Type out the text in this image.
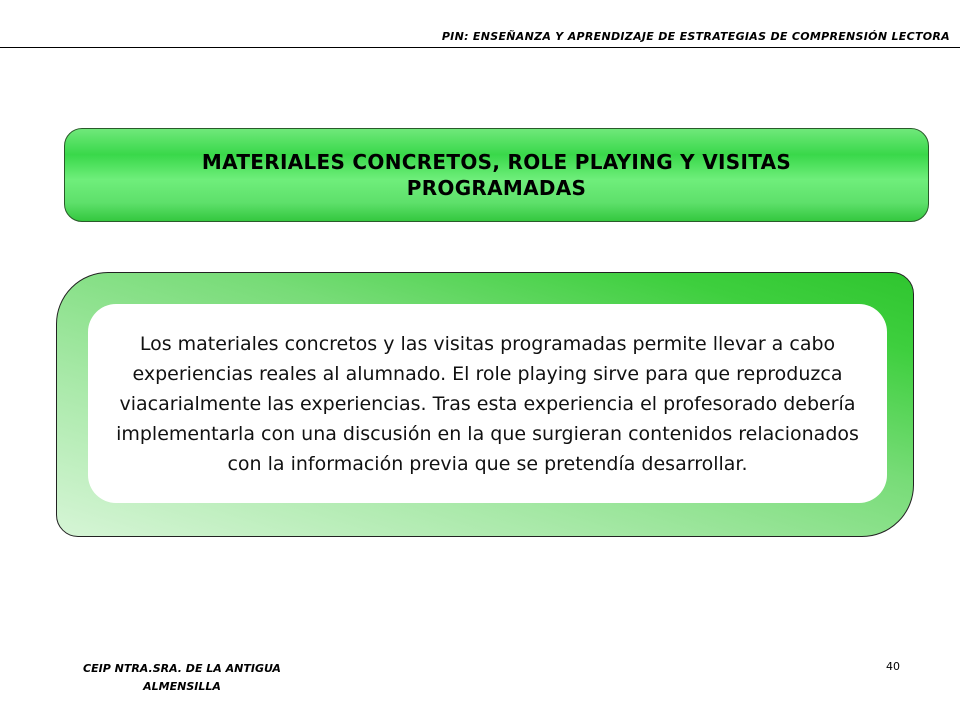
PIN: ENSEÑANZA Y APRENDIZAJE DE ESTRATEGIAS DE COMPRENSIÓN LECTORA
MATERIALES CONCRETOS, ROLE PLAYING Y VISITAS PROGRAMADAS
Los materiales concretos y las visitas programadas permite llevar a cabo experiencias reales al alumnado. El role playing sirve para que reproduzca viacarialmente las experiencias. Tras esta experiencia el profesorado debería implementarla con una discusión en la que surgieran contenidos relacionados con la información previa que se pretendía desarrollar.
CEIP NTRA.SRA. DE LA ANTIGUA
ALMENSILLA
40
